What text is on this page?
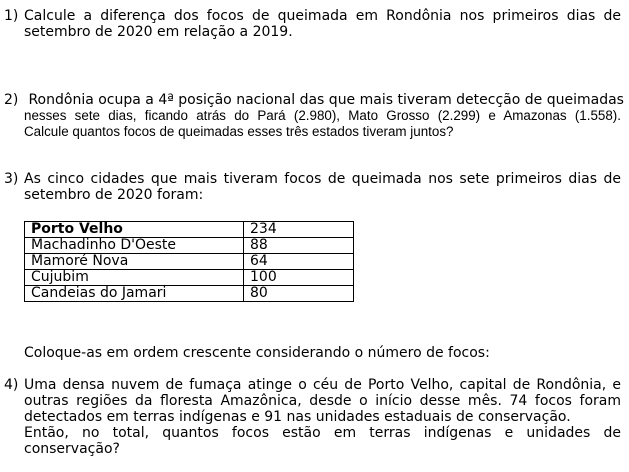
1) Calcule a diferença dos focos de queimada em Rondônia nos primeiros dias de
setembro de 2020 em relação a 2019.
2) Rondônia ocupa a 4ª posição nacional das que mais tiveram detecção de queimadas
nesses sete dias, ficando atrás do Pará (2.980), Mato Grosso (2.299) e Amazonas (1.558).
Calcule quantos focos de queimadas esses três estados tiveram juntos?
3) As cinco cidades que mais tiveram focos de queimada nos sete primeiros dias de
setembro de 2020 foram:
Porto Velho	234
Machadinho D'Oeste	88
Mamoré Nova	64
Cujubim	100
Candeias do Jamari	80
Coloque-as em ordem crescente considerando o número de focos:
4) Uma densa nuvem de fumaça atinge o céu de Porto Velho, capital de Rondônia, e
outras regiões da floresta Amazônica, desde o início desse mês. 74 focos foram
detectados em terras indígenas e 91 nas unidades estaduais de conservação.
Então, no total, quantos focos estão em terras indígenas e unidades de
conservação?
